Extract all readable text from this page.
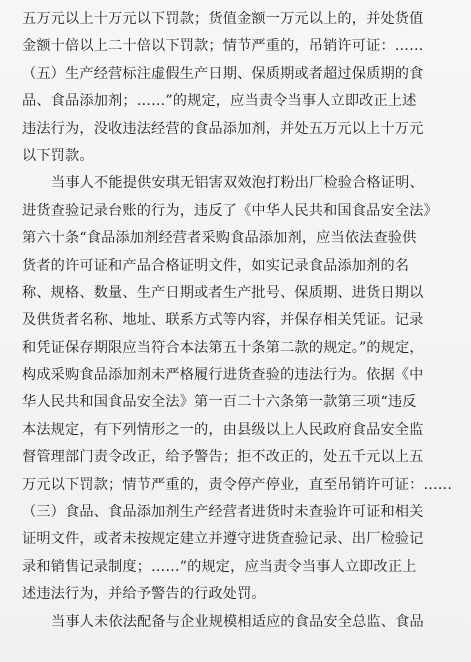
五万元以上十万元以下罚款；货值金额一万元以上的，并处货值
金额十倍以上二十倍以下罚款；情节严重的，吊销许可证：……
（五）生产经营标注虚假生产日期、保质期或者超过保质期的食
品、食品添加剂；……”的规定，应当责令当事人立即改正上述
违法行为，没收违法经营的食品添加剂，并处五万元以上十万元
以下罚款。
当事人不能提供安琪无铝害双效泡打粉出厂检验合格证明、
进货查验记录台账的行为，违反了《中华人民共和国食品安全法》
第六十条“食品添加剂经营者采购食品添加剂，应当依法查验供
货者的许可证和产品合格证明文件，如实记录食品添加剂的名
称、规格、数量、生产日期或者生产批号、保质期、进货日期以
及供货者名称、地址、联系方式等内容，并保存相关凭证。记录
和凭证保存期限应当符合本法第五十条第二款的规定。”的规定，
构成采购食品添加剂未严格履行进货查验的违法行为。依据《中
华人民共和国食品安全法》第一百二十六条第一款第三项“违反
本法规定，有下列情形之一的，由县级以上人民政府食品安全监
督管理部门责令改正，给予警告；拒不改正的，处五千元以上五
万元以下罚款；情节严重的，责令停产停业，直至吊销许可证：……
（三）食品、食品添加剂生产经营者进货时未查验许可证和相关
证明文件，或者未按规定建立并遵守进货查验记录、出厂检验记
录和销售记录制度；……”的规定，应当责令当事人立即改正上
述违法行为，并给予警告的行政处罚。
当事人未依法配备与企业规模相适应的食品安全总监、食品
